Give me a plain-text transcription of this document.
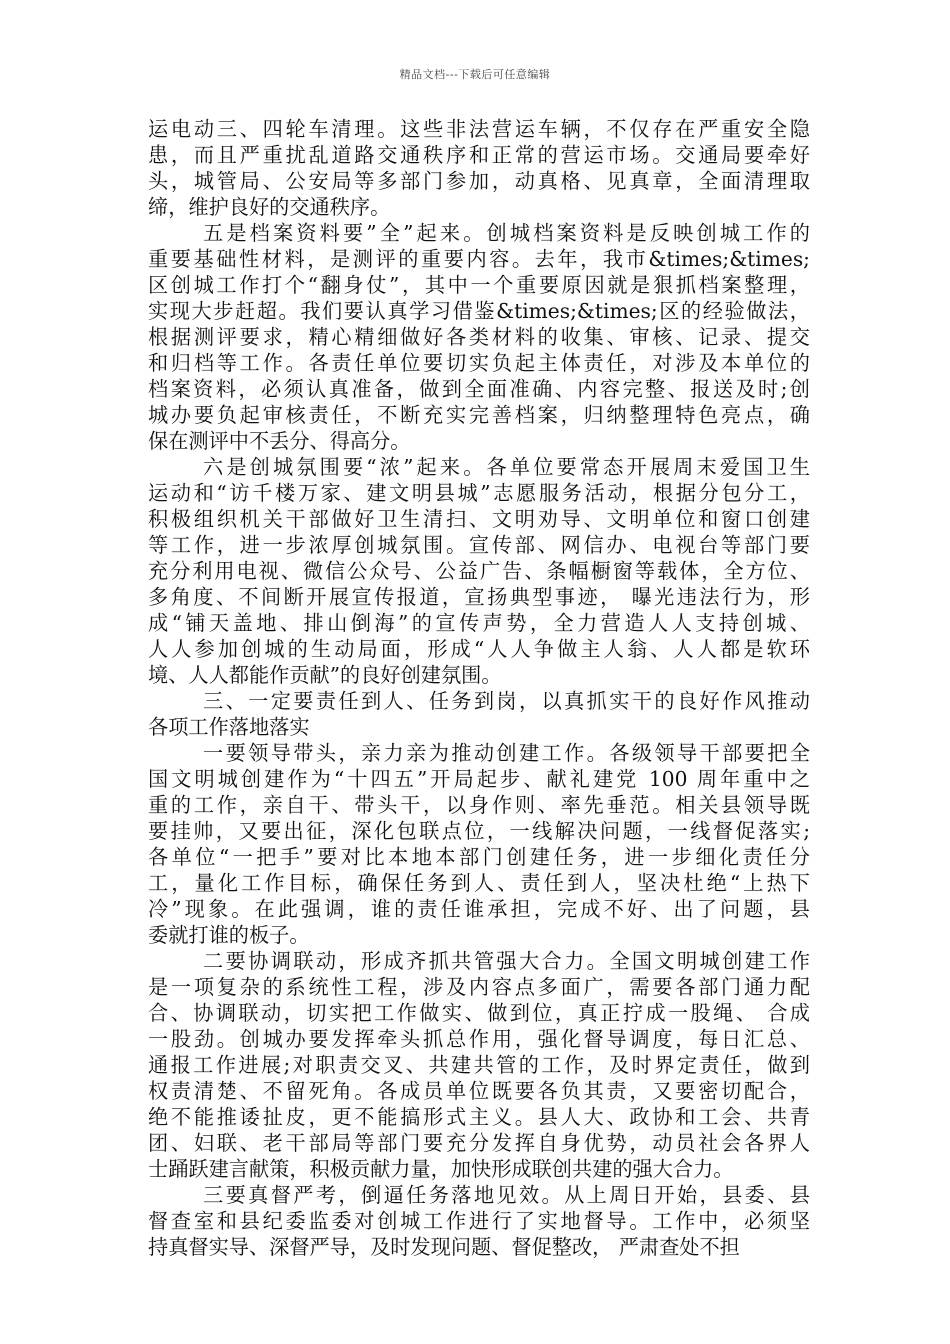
精品文档---下载后可任意编辑
运电动三、四轮车清理。这些非法营运车辆，不仅存在严重安全隐
患，而且严重扰乱道路交通秩序和正常的营运市场。交通局要牵好
头，城管局、公安局等多部门参加，动真格、见真章，全面清理取
缔，维护良好的交通秩序。
五是档案资料要”全”起来。创城档案资料是反映创城工作的
重要基础性材料，是测评的重要内容。去年，我市&times;&times;
区创城工作打个“翻身仗”，其中一个重要原因就是狠抓档案整理，
实现大步赶超。我们要认真学习借鉴&times;&times;区的经验做法，
根据测评要求，精心精细做好各类材料的收集、审核、记录、提交
和归档等工作。各责任单位要切实负起主体责任，对涉及本单位的
档案资料，必须认真准备，做到全面准确、内容完整、报送及时;创
城办要负起审核责任，不断充实完善档案，归纳整理特色亮点，确
保在测评中不丢分、得高分。
六是创城氛围要“浓”起来。各单位要常态开展周末爱国卫生
运动和“访千楼万家、建文明县城”志愿服务活动，根据分包分工，
积极组织机关干部做好卫生清扫、文明劝导、文明单位和窗口创建
等工作，进一步浓厚创城氛围。宣传部、网信办、电视台等部门要
充分利用电视、微信公众号、公益广告、条幅橱窗等载体，全方位、
多角度、不间断开展宣传报道，宣扬典型事迹， 曝光违法行为，形
成“铺天盖地、排山倒海”的宣传声势，全力营造人人支持创城、
人人参加创城的生动局面，形成“人人争做主人翁、人人都是软环
境、人人都能作贡献”的良好创建氛围。
三、一定要责任到人、任务到岗，以真抓实干的良好作风推动
各项工作落地落实
一要领导带头，亲力亲为推动创建工作。各级领导干部要把全
国文明城创建作为“十四五”开局起步、献礼建党 100 周年重中之
重的工作，亲自干、带头干，以身作则、率先垂范。相关县领导既
要挂帅，又要出征，深化包联点位，一线解决问题，一线督促落实;
各单位“一把手”要对比本地本部门创建任务，进一步细化责任分
工，量化工作目标，确保任务到人、责任到人，坚决杜绝“上热下
冷”现象。在此强调，谁的责任谁承担，完成不好、出了问题，县
委就打谁的板子。
二要协调联动，形成齐抓共管强大合力。全国文明城创建工作
是一项复杂的系统性工程，涉及内容点多面广，需要各部门通力配
合、协调联动，切实把工作做实、做到位，真正拧成一股绳、 合成
一股劲。创城办要发挥牵头抓总作用，强化督导调度，每日汇总、
通报工作进展;对职责交叉、共建共管的工作，及时界定责任，做到
权责清楚、不留死角。各成员单位既要各负其责，又要密切配合，
绝不能推诿扯皮，更不能搞形式主义。县人大、政协和工会、共青
团、妇联、老干部局等部门要充分发挥自身优势，动员社会各界人
士踊跃建言献策，积极贡献力量，加快形成联创共建的强大合力。
三要真督严考，倒逼任务落地见效。从上周日开始，县委、县
督查室和县纪委监委对创城工作进行了实地督导。工作中，必须坚
持真督实导、深督严导，及时发现问题、督促整改， 严肃查处不担
